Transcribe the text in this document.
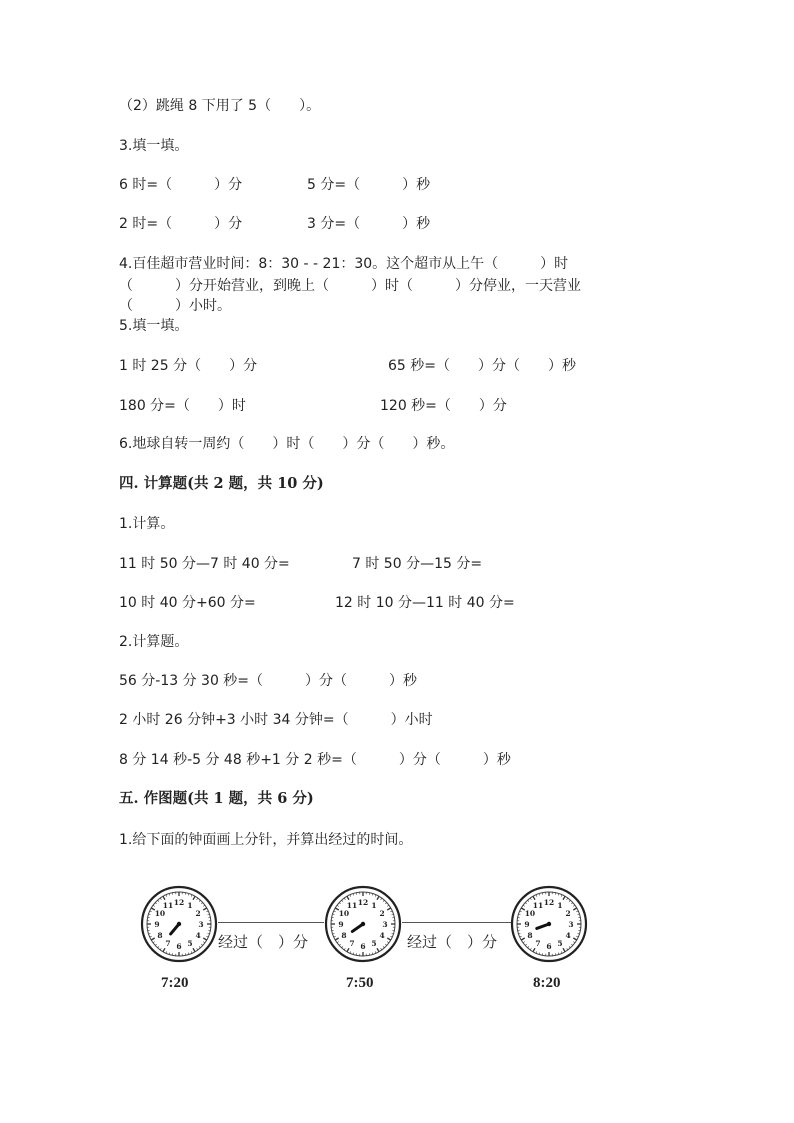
（2）跳绳 8 下用了 5（　　）。
3.填一填。
6 时=（　　　）分	5 分=（　　　）秒
2 时=（　　　）分	3 分=（　　　）秒
4.百佳超市营业时间：8：30 - - 21：30。这个超市从上午（　　　）时
（　　　）分开始营业，到晚上（　　　）时（　　　）分停业，一天营业
（　　　）小时。
5.填一填。
1 时 25 分（　　）分	65 秒=（　　）分（　　）秒
180 分=（　　）时	120 秒=（　　）分
6.地球自转一周约（　　）时（　　）分（　　）秒。
四. 计算题(共 2 题，共 10 分)
1.计算。
11 时 50 分—7 时 40 分=	7 时 50 分—15 分=
10 时 40 分+60 分=	12 时 10 分—11 时 40 分=
2.计算题。
56 分-13 分 30 秒=（　　　）分（　　　）秒
2 小时 26 分钟+3 小时 34 分钟=（　　　）小时
8 分 14 秒-5 分 48 秒+1 分 2 秒=（　　　）分（　　　）秒
五. 作图题(共 1 题，共 6 分)
1.给下面的钟面画上分针，并算出经过的时间。
经过（　）分	经过（　）分
12 1
2
3
4
5
6
7
8
9
10
11	12 1
2
3
4
5
6
7
8
9
10
11	12 1
2
3
4
5
6
7
8
9
10
11
7:20	7:50	8:20
